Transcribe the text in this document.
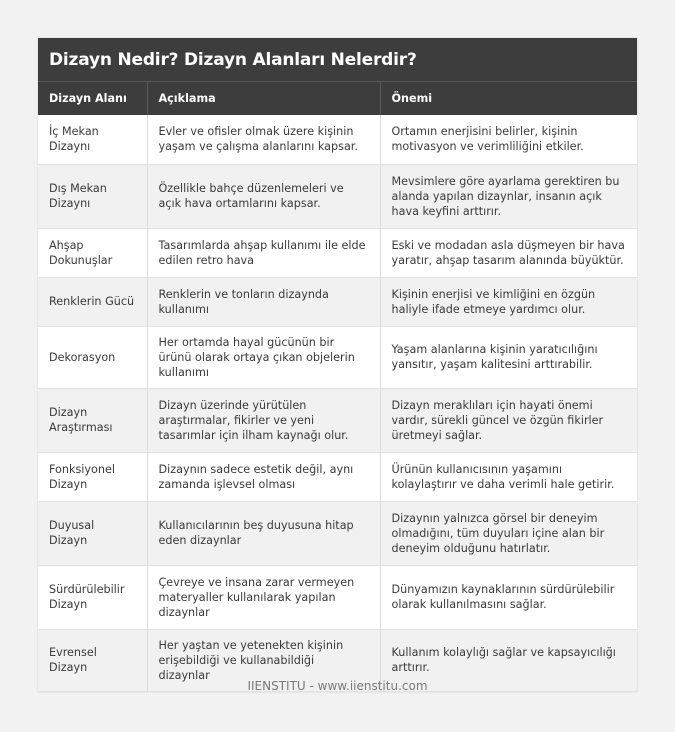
Dizayn Nedir? Dizayn Alanları Nelerdir?
Dizayn Alanı	Açıklama	Önemi
İç Mekan Dizaynı	Evler ve ofisler olmak üzere kişinin yaşam ve çalışma alanlarını kapsar.	Ortamın enerjisini belirler, kişinin motivasyon ve verimliliğini etkiler.
Dış Mekan Dizaynı	Özellikle bahçe düzenlemeleri ve açık hava ortamlarını kapsar.	Mevsimlere göre ayarlama gerektiren bu alanda yapılan dizaynlar, insanın açık hava keyfini arttırır.
Ahşap Dokunuşlar	Tasarımlarda ahşap kullanımı ile elde edilen retro hava	Eski ve modadan asla düşmeyen bir hava yaratır, ahşap tasarım alanında büyüktür.
Renklerin Gücü	Renklerin ve tonların dizaynda kullanımı	Kişinin enerjisi ve kimliğini en özgün haliyle ifade etmeye yardımcı olur.
Dekorasyon	Her ortamda hayal gücünün bir ürünü olarak ortaya çıkan objelerin kullanımı	Yaşam alanlarına kişinin yaratıcılığını yansıtır, yaşam kalitesini arttırabilir.
Dizayn Araştırması	Dizayn üzerinde yürütülen araştırmalar, fikirler ve yeni tasarımlar için ilham kaynağı olur.	Dizayn meraklıları için hayati önemi vardır, sürekli güncel ve özgün fikirler üretmeyi sağlar.
Fonksiyonel Dizayn	Dizaynın sadece estetik değil, aynı zamanda işlevsel olması	Ürünün kullanıcısının yaşamını kolaylaştırır ve daha verimli hale getirir.
Duyusal Dizayn	Kullanıcılarının beş duyusuna hitap eden dizaynlar	Dizaynın yalnızca görsel bir deneyim olmadığını, tüm duyuları içine alan bir deneyim olduğunu hatırlatır.
Sürdürülebilir Dizayn	Çevreye ve insana zarar vermeyen materyaller kullanılarak yapılan dizaynlar	Dünyamızın kaynaklarının sürdürülebilir olarak kullanılmasını sağlar.
Evrensel Dizayn	Her yaştan ve yetenekten kişinin erişebildiği ve kullanabildiği dizaynlar	Kullanım kolaylığı sağlar ve kapsayıcılığı arttırır.
IIENSTITU - www.iienstitu.com
